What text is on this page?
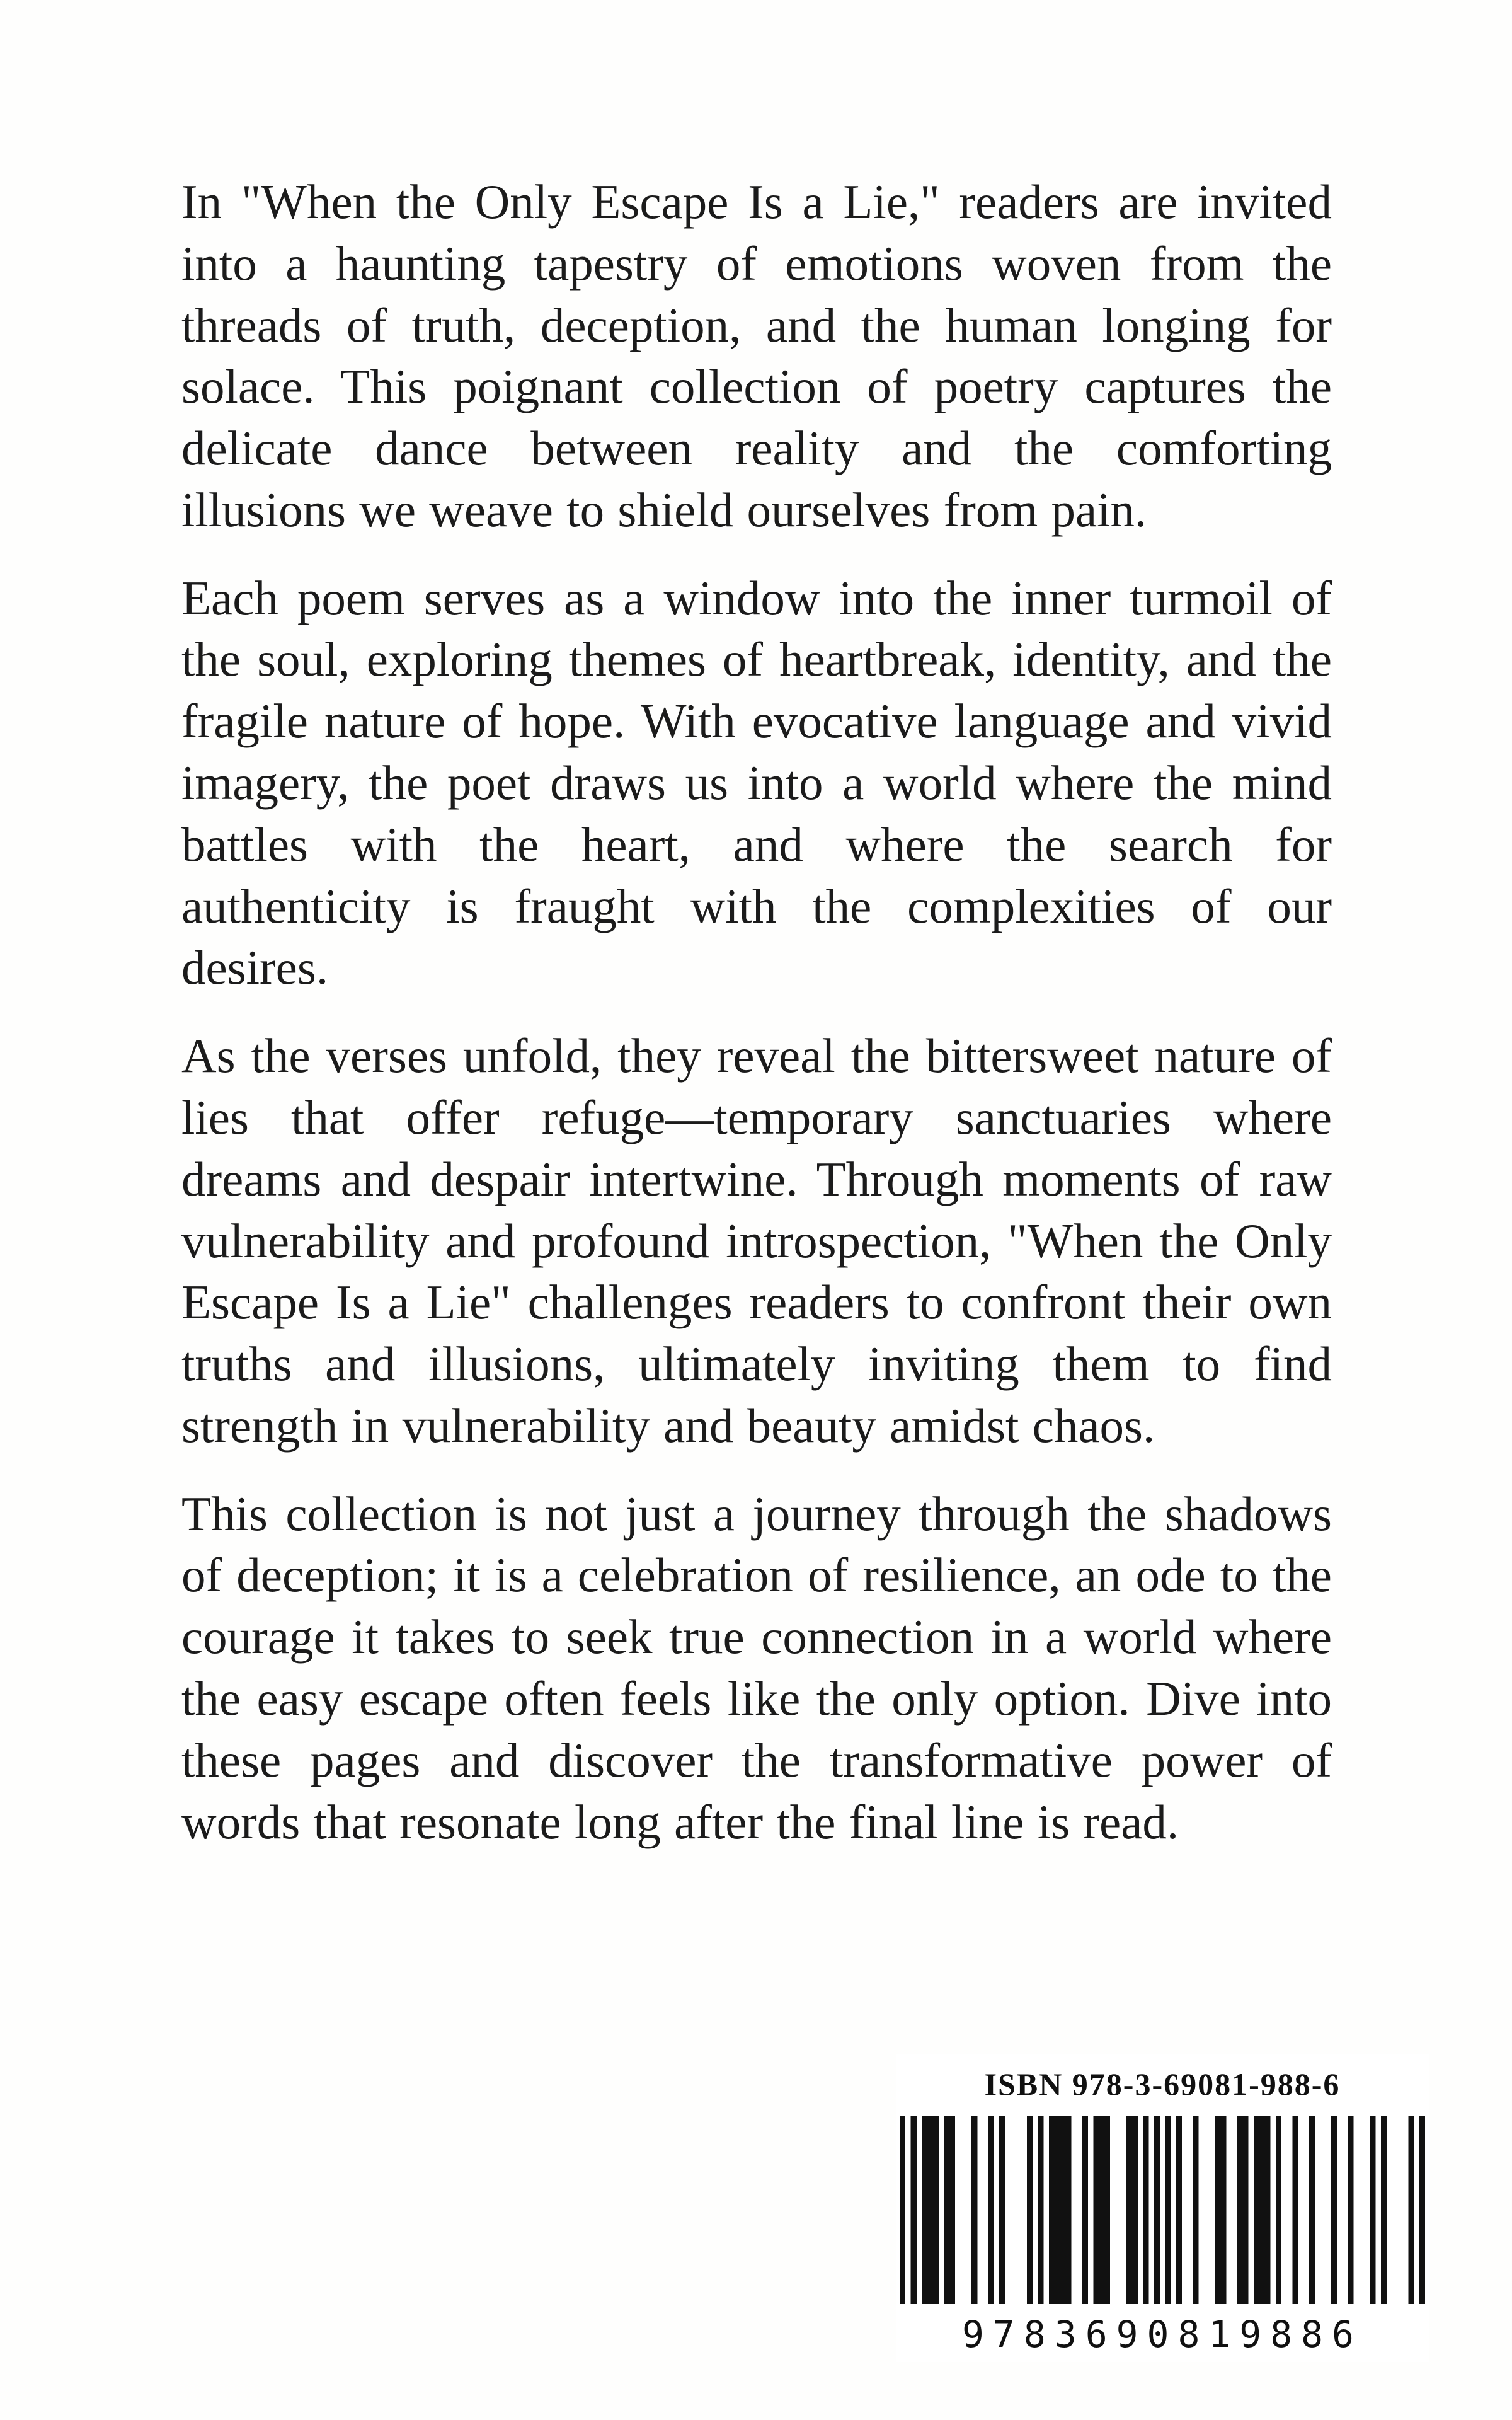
In "When the Only Escape Is a Lie," readers are invited into a haunting tapestry of emotions woven from the threads of truth, deception, and the human longing for solace. This poignant collection of poetry captures the delicate dance between reality and the comforting illusions we weave to shield ourselves from pain.

Each poem serves as a window into the inner turmoil of the soul, exploring themes of heartbreak, identity, and the fragile nature of hope. With evocative language and vivid imagery, the poet draws us into a world where the mind battles with the heart, and where the search for authenticity is fraught with the complexities of our desires.

As the verses unfold, they reveal the bittersweet nature of lies that offer refuge—temporary sanctuaries where dreams and despair intertwine. Through moments of raw vulnerability and profound introspection, "When the Only Escape Is a Lie" challenges readers to confront their own truths and illusions, ultimately inviting them to find strength in vulnerability and beauty amidst chaos.

This collection is not just a journey through the shadows of deception; it is a celebration of resilience, an ode to the courage it takes to seek true connection in a world where the easy escape often feels like the only option. Dive into these pages and discover the transformative power of words that resonate long after the final line is read.

ISBN 978-3-69081-988-6
9783690819886
